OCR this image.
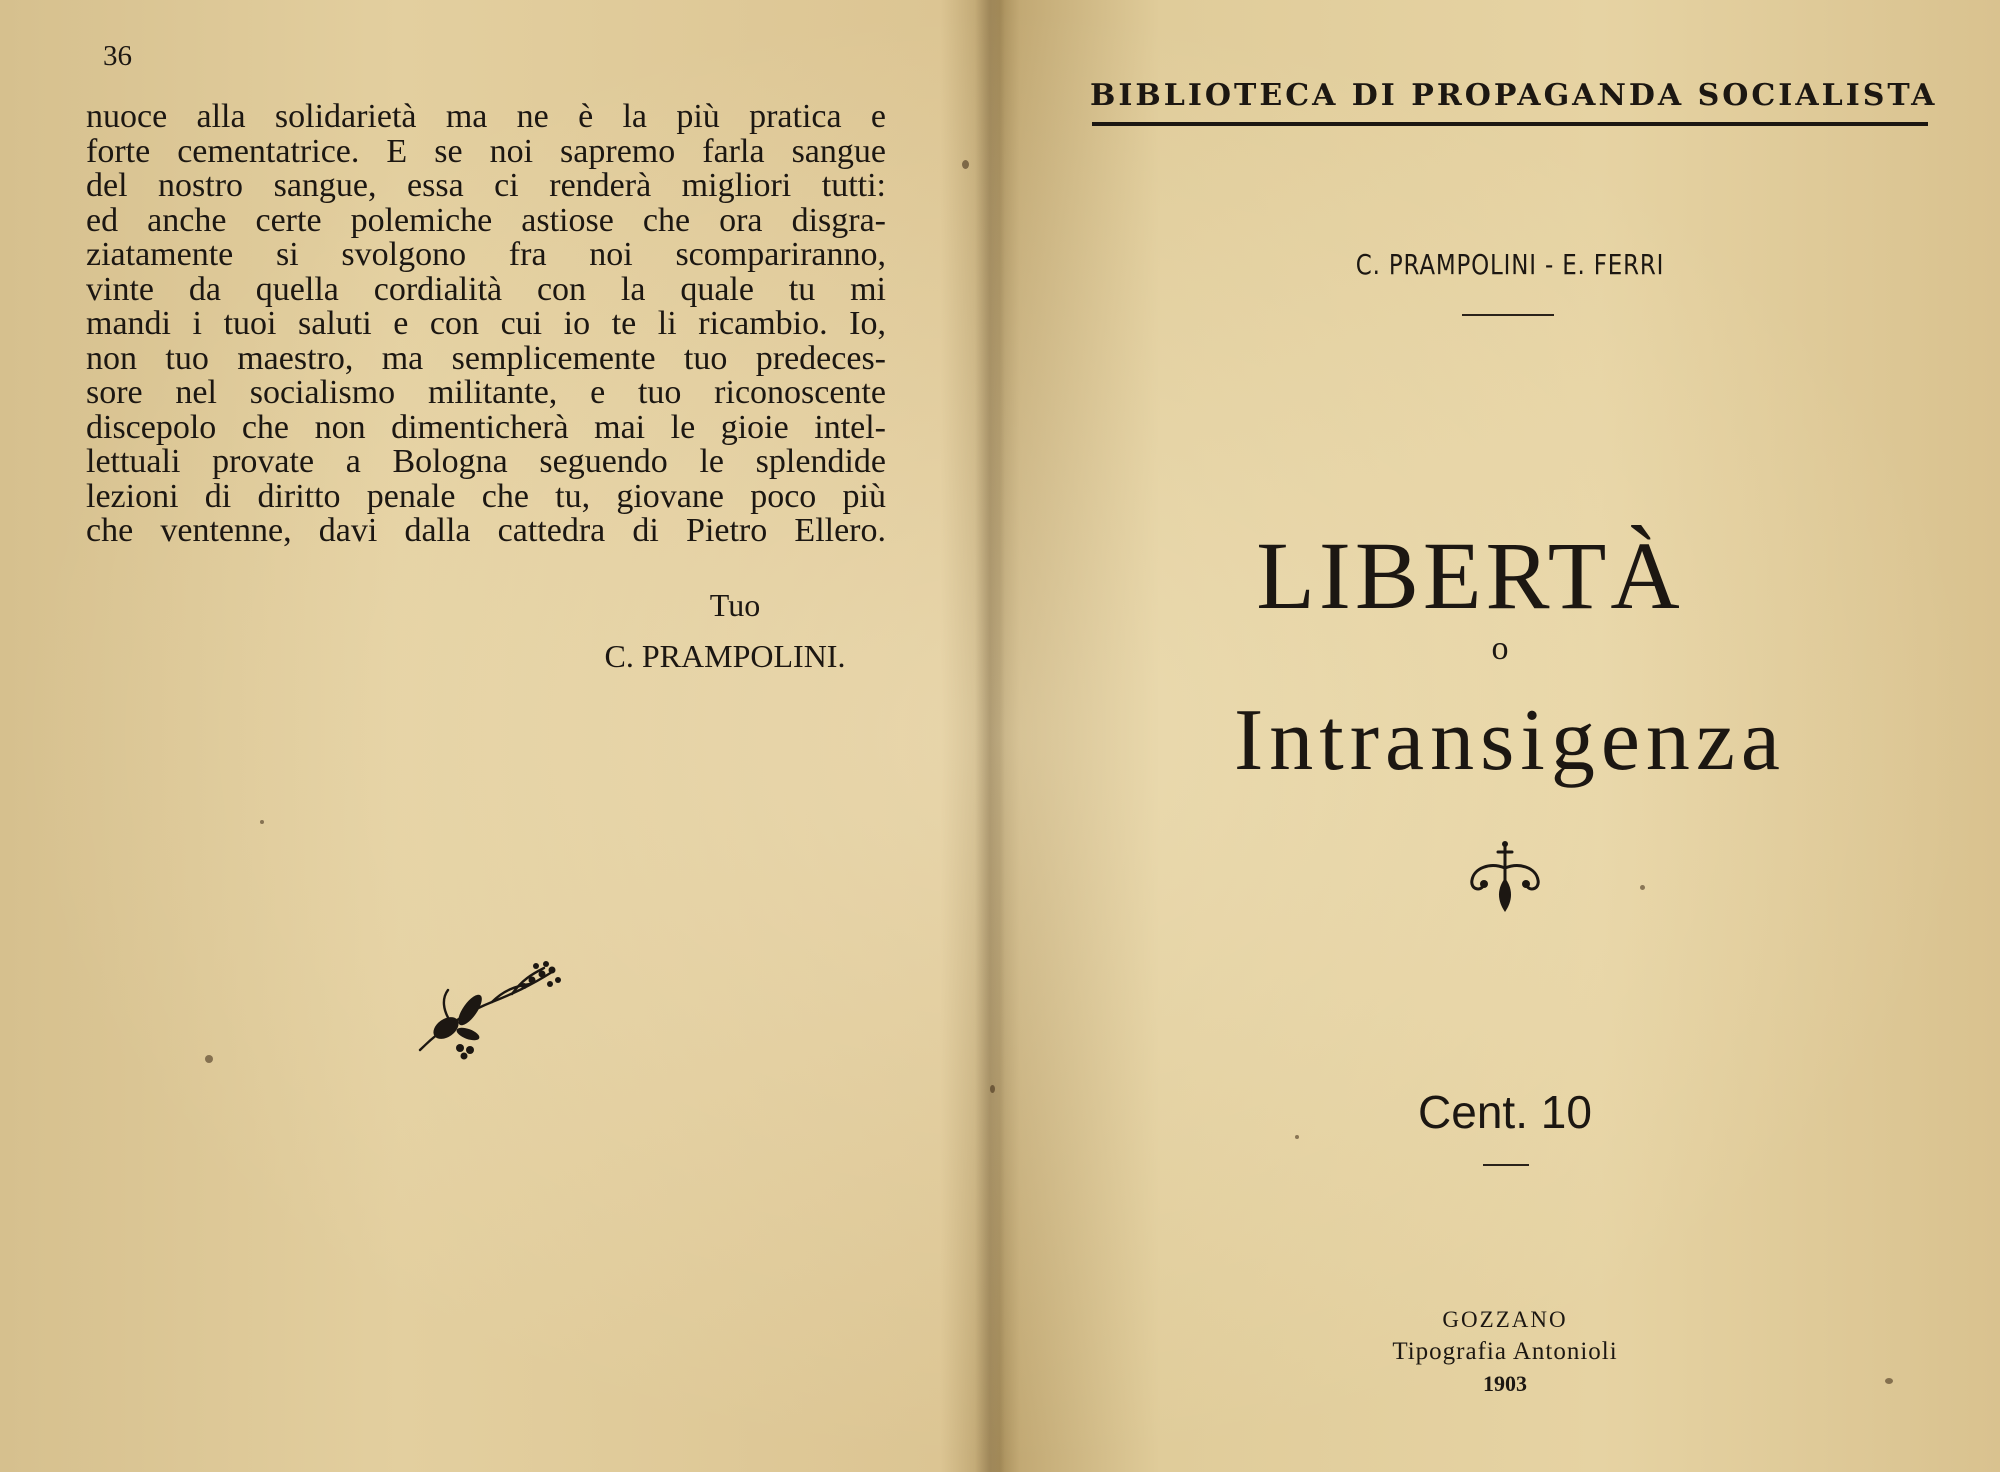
36
nuoce alla solidarietà ma ne è la più pratica e
forte cementatrice. E se noi sapremo farla sangue
del nostro sangue, essa ci renderà migliori tutti:
ed anche certe polemiche astiose che ora disgra-
ziatamente si svolgono fra noi scompariranno,
vinte da quella cordialità con la quale tu mi
mandi i tuoi saluti e con cui io te li ricambio. Io,
non tuo maestro, ma semplicemente tuo predeces-
sore nel socialismo militante, e tuo riconoscente
discepolo che non dimenticherà mai le gioie intel-
lettuali provate a Bologna seguendo le splendide
lezioni di diritto penale che tu, giovane poco più
che ventenne, davi dalla cattedra di Pietro Ellero.
Tuo
C. PRAMPOLINI.
BIBLIOTECA DI PROPAGANDA SOCIALISTA
C. PRAMPOLINI - E. FERRI
LIBERTÀ
o
Intransigenza
Cent. 10
GOZZANO
Tipografia Antonioli
1903
